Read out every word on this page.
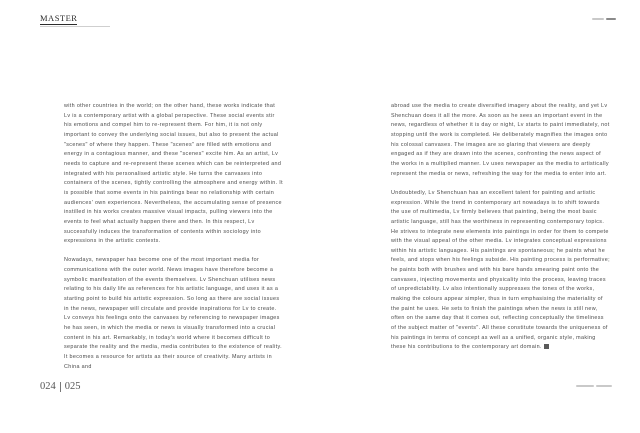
MASTER

with other countries in the world; on the other hand, these works indicate that Lv is a contemporary artist with a global perspective. These social events stir his emotions and compel him to re-represent them. For him, it is not only important to convey the underlying social issues, but also to present the actual "scenes" of where they happen. These "scenes" are filled with emotions and energy in a contagious manner, and these "scenes" excite him. As an artist, Lv needs to capture and re-represent these scenes which can be reinterpreted and integrated with his personalised artistic style. He turns the canvases into containers of the scenes, tightly controlling the atmosphere and energy within. It is possible that some events in his paintings bear no relationship with certain audiences' own experiences. Nevertheless, the accumulating sense of presence instilled in his works creates massive visual impacts, pulling viewers into the events to feel what actually happen there and then. In this respect, Lv successfully induces the transformation of contents within sociology into expressions in the artistic contexts.

Nowadays, newspaper has become one of the most important media for communications with the outer world. News images have therefore become a symbolic manifestation of the events themselves. Lv Shenchuan utilises news relating to his daily life as references for his artistic language, and uses it as a starting point to build his artistic expression. So long as there are social issues in the news, newspaper will circulate and provide inspirations for Lv to create. Lv conveys his feelings onto the canvases by referencing to newspaper images he has seen, in which the media or news is visually transformed into a crucial content in his art. Remarkably, in today's world where it becomes difficult to separate the reality and the media, media contributes to the existence of reality. It becomes a resource for artists as their source of creativity. Many artists in China and

abroad use the media to create diversified imagery about the reality, and yet Lv Shenchuan does it all the more. As soon as he sees an important event in the news, regardless of whether it is day or night, Lv starts to paint immediately, not stopping until the work is completed. He deliberately magnifies the images onto his colossal canvases. The images are so glaring that viewers are deeply engaged as if they are drawn into the scenes, confronting the news aspect of the works in a multiplied manner. Lv uses newspaper as the media to artistically represent the media or news, refreshing the way for the media to enter into art.

Undoubtedly, Lv Shenchuan has an excellent talent for painting and artistic expression. While the trend in contemporary art nowadays is to shift towards the use of multimedia, Lv firmly believes that painting, being the most basic artistic language, still has the worthiness in representing contemporary topics. He strives to integrate new elements into paintings in order for them to compete with the visual appeal of the other media. Lv integrates conceptual expressions within his artistic languages. His paintings are spontaneous; he paints what he feels, and stops when his feelings subside. His painting process is performative; he paints both with brushes and with his bare hands smearing paint onto the canvases, injecting movements and physicality into the process, leaving traces of unpredictability. Lv also intentionally suppresses the tones of the works, making the colours appear simpler, thus in turn emphasising the materiality of the paint he uses. He sets to finish the paintings when the news is still new, often on the same day that it comes out, reflecting conceptually the timeliness of the subject matter of "events". All these constitute towards the uniqueness of his paintings in terms of concept as well as a unified, organic style, making these his contributions to the contemporary art domain.

024 025
